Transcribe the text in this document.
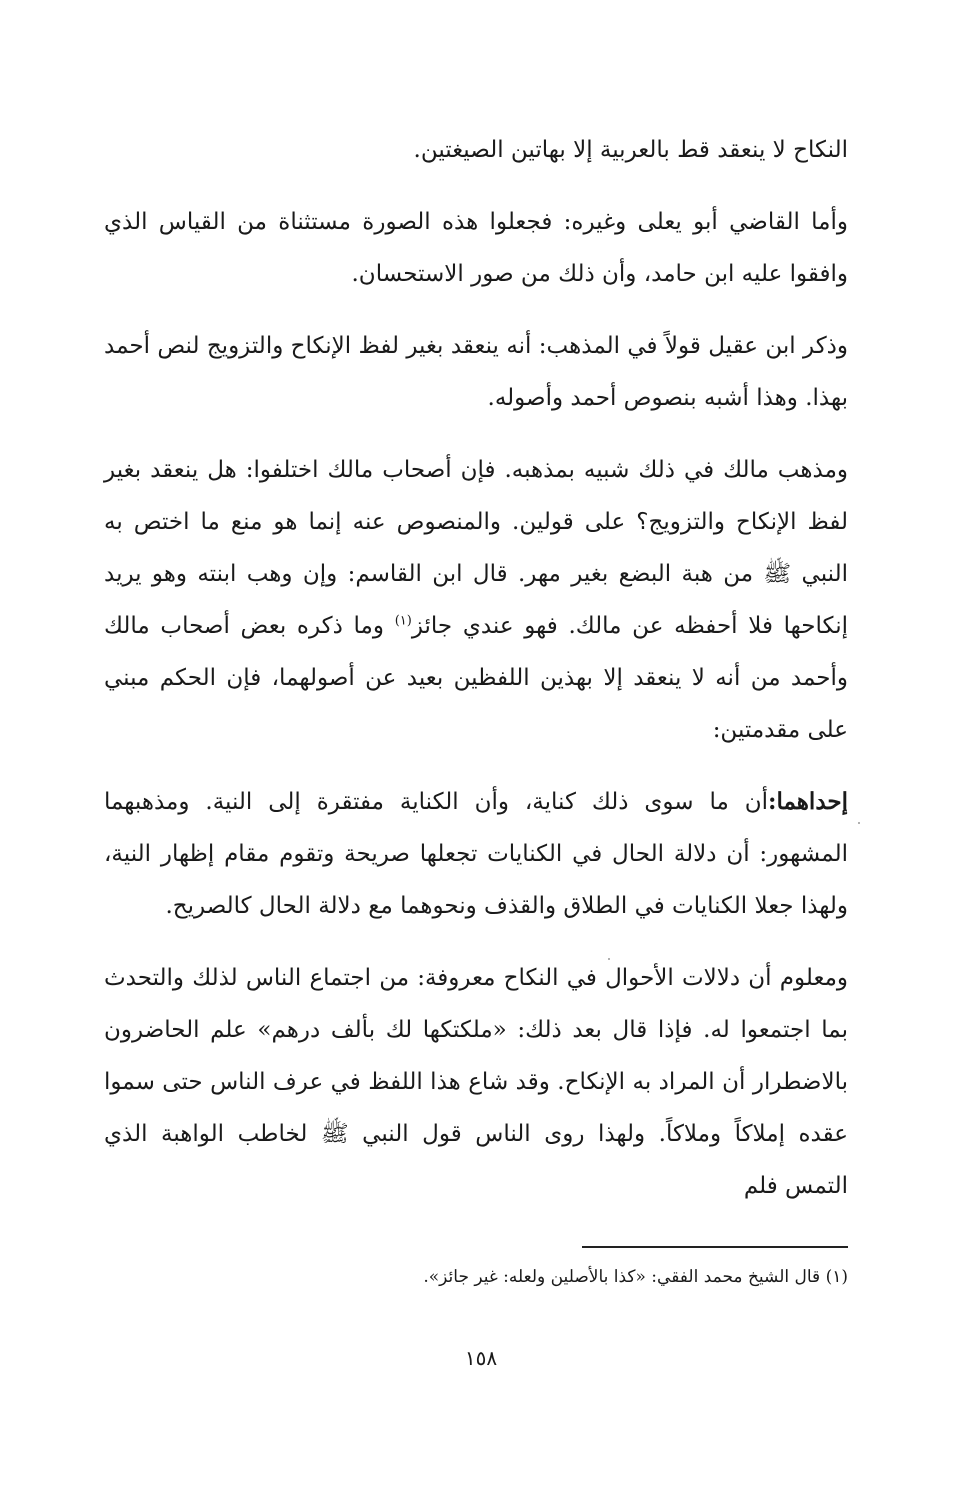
النكاح لا ينعقد قط بالعربية إلا بهاتين الصيغتين.

وأما القاضي أبو يعلى وغيره: فجعلوا هذه الصورة مستثناة من القياس الذي وافقوا عليه ابن حامد، وأن ذلك من صور الاستحسان.

وذكر ابن عقيل قولاً في المذهب: أنه ينعقد بغير لفظ الإنكاح والتزويج لنص أحمد بهذا. وهذا أشبه بنصوص أحمد وأصوله.

ومذهب مالك في ذلك شبيه بمذهبه. فإن أصحاب مالك اختلفوا: هل ينعقد بغير لفظ الإنكاح والتزويج؟ على قولين. والمنصوص عنه إنما هو منع ما اختص به النبي ﷺ من هبة البضع بغير مهر. قال ابن القاسم: وإن وهب ابنته وهو يريد إنكاحها فلا أحفظه عن مالك. فهو عندي جائز$^{(١)}$ وما ذكره بعض أصحاب مالك وأحمد من أنه لا ينعقد إلا بهذين اللفظين بعيد عن أصولهما، فإن الحكم مبني على مقدمتين:

إحداهما:أن ما سوى ذلك كناية، وأن الكناية مفتقرة إلى النية. ومذهبهما المشهور: أن دلالة الحال في الكنايات تجعلها صريحة وتقوم مقام إظهار النية، ولهذا جعلا الكنايات في الطلاق والقذف ونحوهما مع دلالة الحال كالصريح.

ومعلوم أن دلالات الأحوال في النكاح معروفة: من اجتماع الناس لذلك والتحدث بما اجتمعوا له. فإذا قال بعد ذلك: «ملكتكها لك بألف درهم» علم الحاضرون بالاضطرار أن المراد به الإنكاح. وقد شاع هذا اللفظ في عرف الناس حتى سموا عقده إملاكاً وملاكاً. ولهذا روى الناس قول النبي ﷺ لخاطب الواهبة الذي التمس فلم

(١) قال الشيخ محمد الفقي: «كذا بالأصلين ولعله: غير جائز».
١٥٨
